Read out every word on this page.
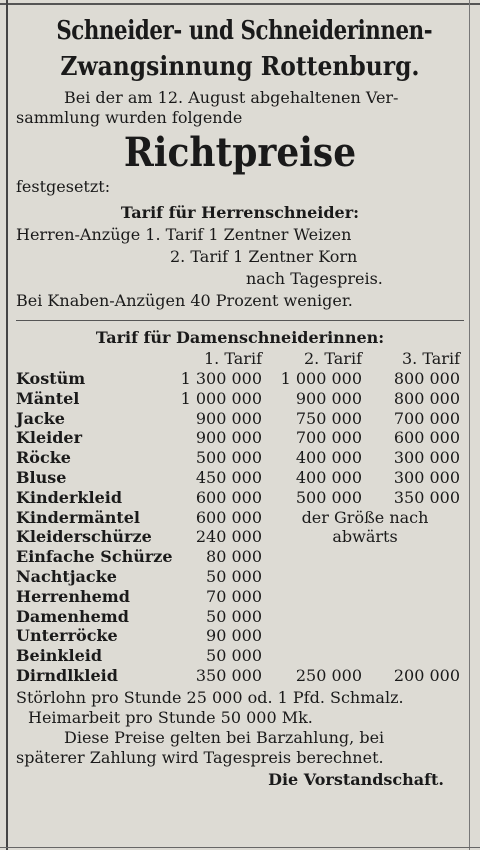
Schneider- und Schneiderinnen-
Zwangsinnung Rottenburg.
Bei der am 12. August abgehaltenen Ver-
sammlung wurden folgende
Richtpreise
festgesetzt:
Tarif für Herrenschneider:
Herren-Anzüge 1. Tarif 1 Zentner Weizen
2. Tarif 1 Zentner Korn
nach Tagespreis.
Bei Knaben-Anzügen 40 Prozent weniger.
Tarif für Damenschneiderinnen:
1. Tarif	2. Tarif	3. Tarif
Kostüm	1 300 000	1 000 000	800 000
Mäntel	1 000 000	900 000	800 000
Jacke	900 000	750 000	700 000
Kleider	900 000	700 000	600 000
Röcke	500 000	400 000	300 000
Bluse	450 000	400 000	300 000
Kinderkleid	600 000	500 000	350 000
Kindermäntel	600 000	der Größe nach
Kleiderschürze	240 000	abwärts
Einfache Schürze	80 000
Nachtjacke	50 000
Herrenhemd	70 000
Damenhemd	50 000
Unterröcke	90 000
Beinkleid	50 000
Dirndlkleid	350 000	250 000	200 000
Störlohn pro Stunde 25 000 od. 1 Pfd. Schmalz.
Heimarbeit pro Stunde 50 000 Mk.
Diese Preise gelten bei Barzahlung, bei
späterer Zahlung wird Tagespreis berechnet.
Die Vorstandschaft.
